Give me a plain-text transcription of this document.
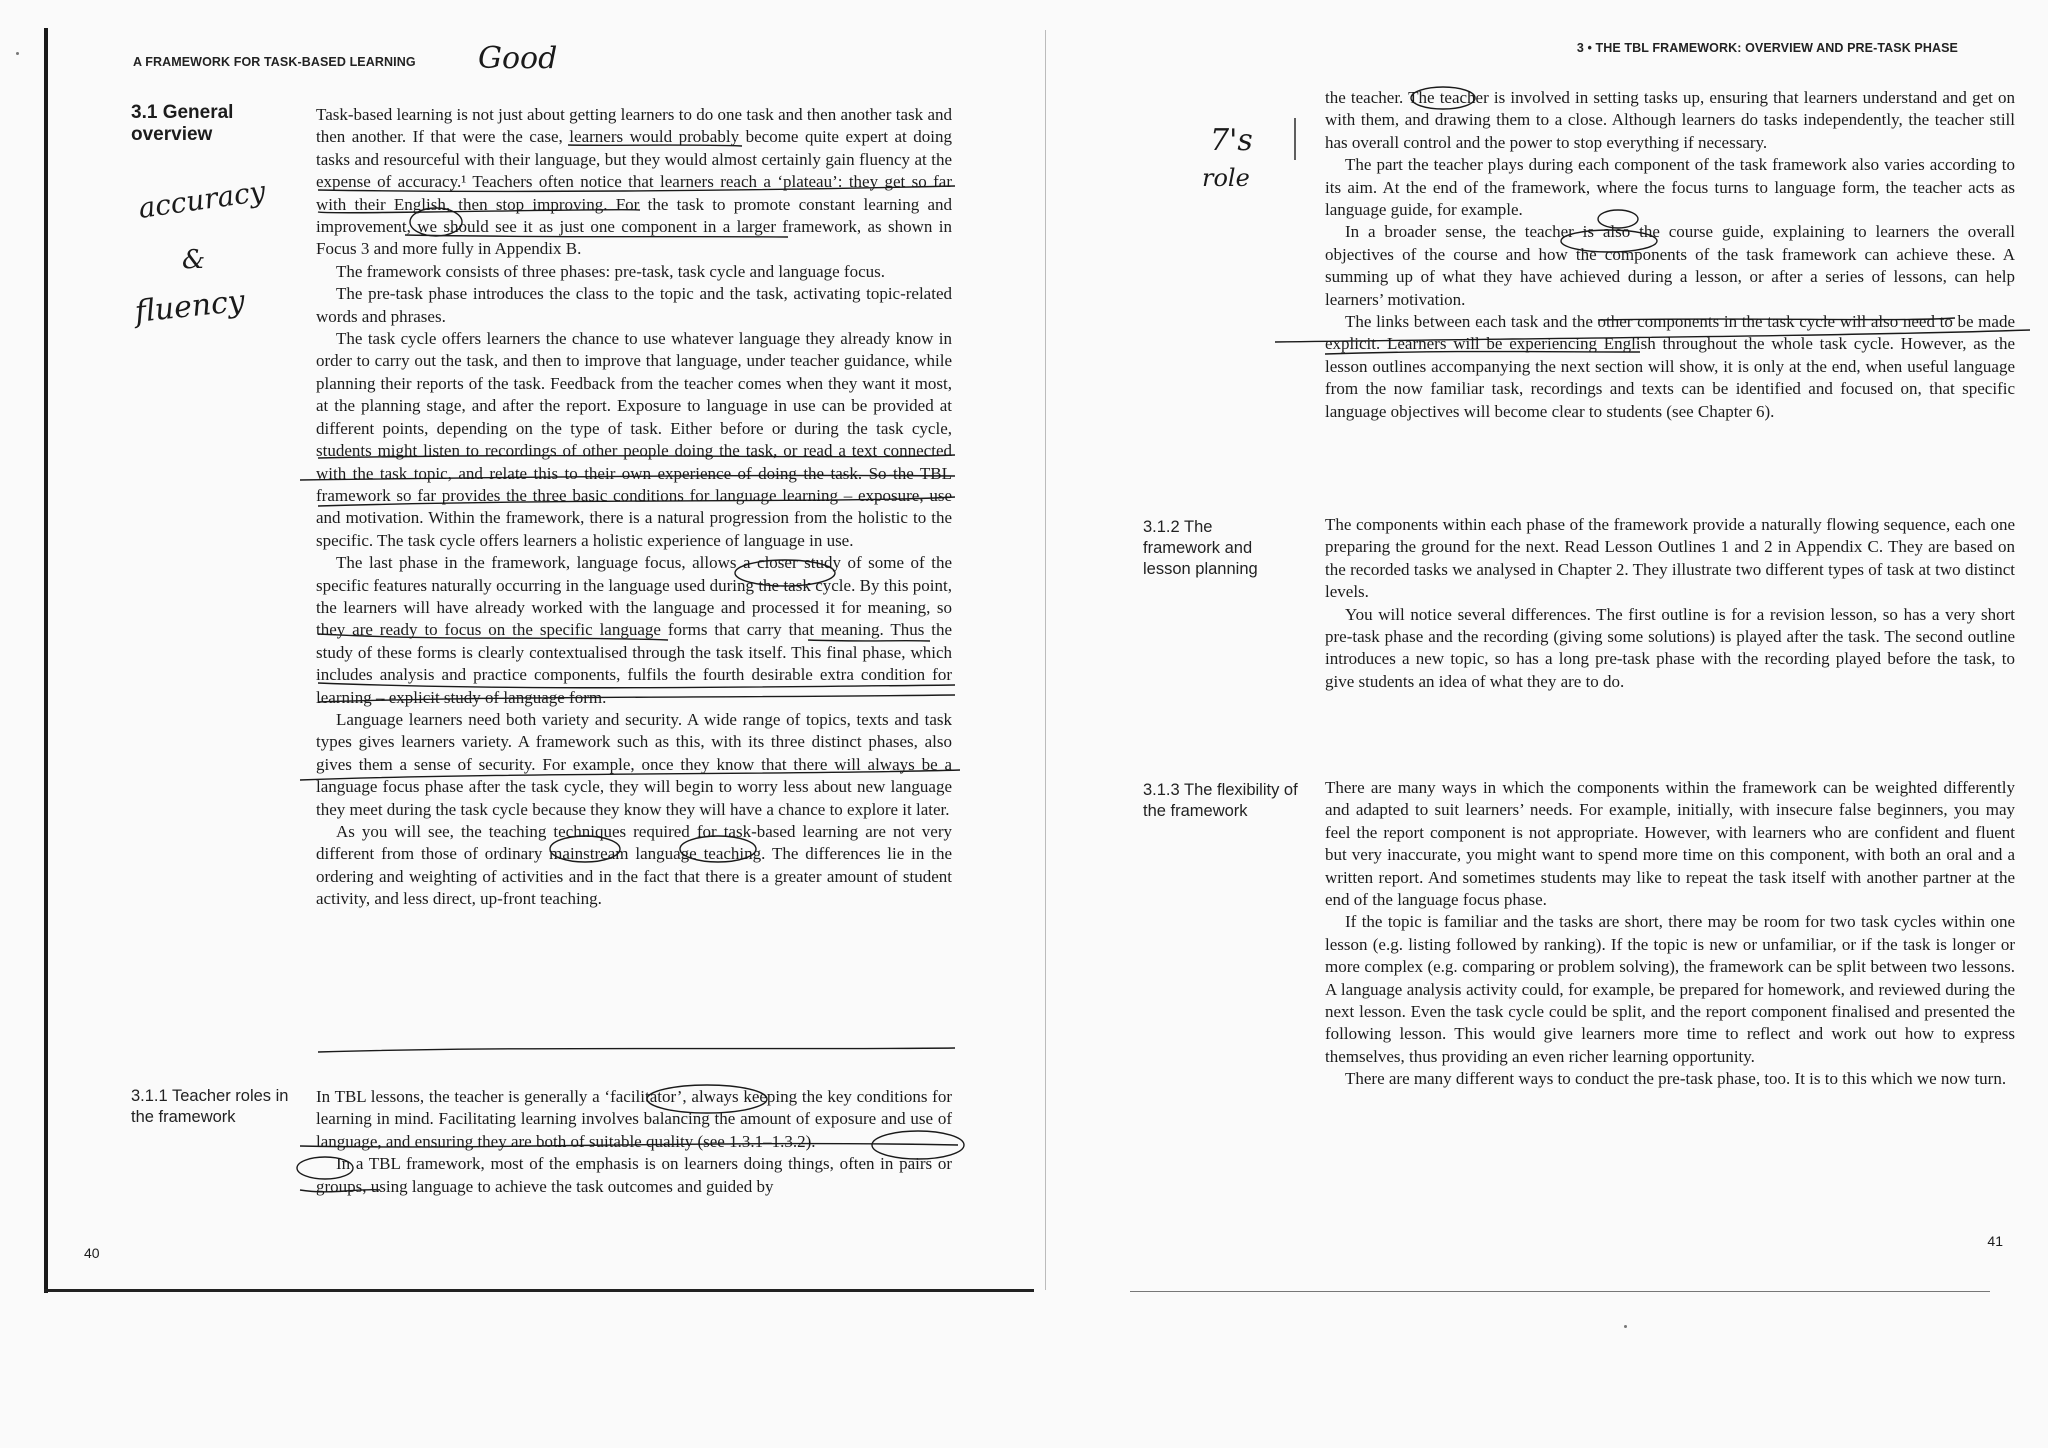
A FRAMEWORK FOR TASK-BASED LEARNING
3.1 General overview

Task-based learning is not just about getting learners to do one task and then another task and then another. If that were the case, learners would probably become quite expert at doing tasks and resourceful with their language, but they would almost certainly gain fluency at the expense of accuracy.¹ Teachers often notice that learners reach a ‘plateau’: they get so far with their English, then stop improving. For the task to promote constant learning and improvement, we should see it as just one component in a larger framework, as shown in Focus 3 and more fully in Appendix B.

The framework consists of three phases: pre-task, task cycle and language focus.

The pre-task phase introduces the class to the topic and the task, activating topic-related words and phrases.

The task cycle offers learners the chance to use whatever language they already know in order to carry out the task, and then to improve that language, under teacher guidance, while planning their reports of the task. Feedback from the teacher comes when they want it most, at the planning stage, and after the report. Exposure to language in use can be provided at different points, depending on the type of task. Either before or during the task cycle, students might listen to recordings of other people doing the task, or read a text connected with the task topic, and relate this to their own experience of doing the task. So the TBL framework so far provides the three basic conditions for language learning – exposure, use and motivation. Within the framework, there is a natural progression from the holistic to the specific. The task cycle offers learners a holistic experience of language in use.

The last phase in the framework, language focus, allows a closer study of some of the specific features naturally occurring in the language used during the task cycle. By this point, the learners will have already worked with the language and processed it for meaning, so they are ready to focus on the specific language forms that carry that meaning. Thus the study of these forms is clearly contextualised through the task itself. This final phase, which includes analysis and practice components, fulfils the fourth desirable extra condition for learning – explicit study of language form.

Language learners need both variety and security. A wide range of topics, texts and task types gives learners variety. A framework such as this, with its three distinct phases, also gives them a sense of security. For example, once they know that there will always be a language focus phase after the task cycle, they will begin to worry less about new language they meet during the task cycle because they know they will have a chance to explore it later.

As you will see, the teaching techniques required for task-based learning are not very different from those of ordinary mainstream language teaching. The differences lie in the ordering and weighting of activities and in the fact that there is a greater amount of student activity, and less direct, up-front teaching.

3.1.1 Teacher roles in the framework

In TBL lessons, the teacher is generally a ‘facilitator’, always keeping the key conditions for learning in mind. Facilitating learning involves balancing the amount of exposure and use of language, and ensuring they are both of suitable quality (see 1.3.1–1.3.2).

In a TBL framework, most of the emphasis is on learners doing things, often in pairs or groups, using language to achieve the task outcomes and guided by

40
Good
accuracy
&
fluency
3 • THE TBL FRAMEWORK: OVERVIEW AND PRE-TASK PHASE

the teacher. The teacher is involved in setting tasks up, ensuring that learners understand and get on with them, and drawing them to a close. Although learners do tasks independently, the teacher still has overall control and the power to stop everything if necessary.

The part the teacher plays during each component of the task framework also varies according to its aim. At the end of the framework, where the focus turns to language form, the teacher acts as language guide, for example.

In a broader sense, the teacher is also the course guide, explaining to learners the overall objectives of the course and how the components of the task framework can achieve these. A summing up of what they have achieved during a lesson, or after a series of lessons, can help learners’ motivation.

The links between each task and the other components in the task cycle will also need to be made explicit. Learners will be experiencing English throughout the whole task cycle. However, as the lesson outlines accompanying the next section will show, it is only at the end, when useful language from the now familiar task, recordings and texts can be identified and focused on, that specific language objectives will become clear to students (see Chapter 6).

3.1.2 The framework and lesson planning

The components within each phase of the framework provide a naturally flowing sequence, each one preparing the ground for the next. Read Lesson Outlines 1 and 2 in Appendix C. They are based on the recorded tasks we analysed in Chapter 2. They illustrate two different types of task at two distinct levels.

You will notice several differences. The first outline is for a revision lesson, so has a very short pre-task phase and the recording (giving some solutions) is played after the task. The second outline introduces a new topic, so has a long pre-task phase with the recording played before the task, to give students an idea of what they are to do.

3.1.3 The flexibility of the framework

There are many ways in which the components within the framework can be weighted differently and adapted to suit learners’ needs. For example, initially, with insecure false beginners, you may feel the report component is not appropriate. However, with learners who are confident and fluent but very inaccurate, you might want to spend more time on this component, with both an oral and a written report. And sometimes students may like to repeat the task itself with another partner at the end of the language focus phase.

If the topic is familiar and the tasks are short, there may be room for two task cycles within one lesson (e.g. listing followed by ranking). If the topic is new or unfamiliar, or if the task is longer or more complex (e.g. comparing or problem solving), the framework can be split between two lessons. A language analysis activity could, for example, be prepared for homework, and reviewed during the next lesson. Even the task cycle could be split, and the report component finalised and presented the following lesson. This would give learners more time to reflect and work out how to express themselves, thus providing an even richer learning opportunity.

There are many different ways to conduct the pre-task phase, too. It is to this which we now turn.

41
7's
role
